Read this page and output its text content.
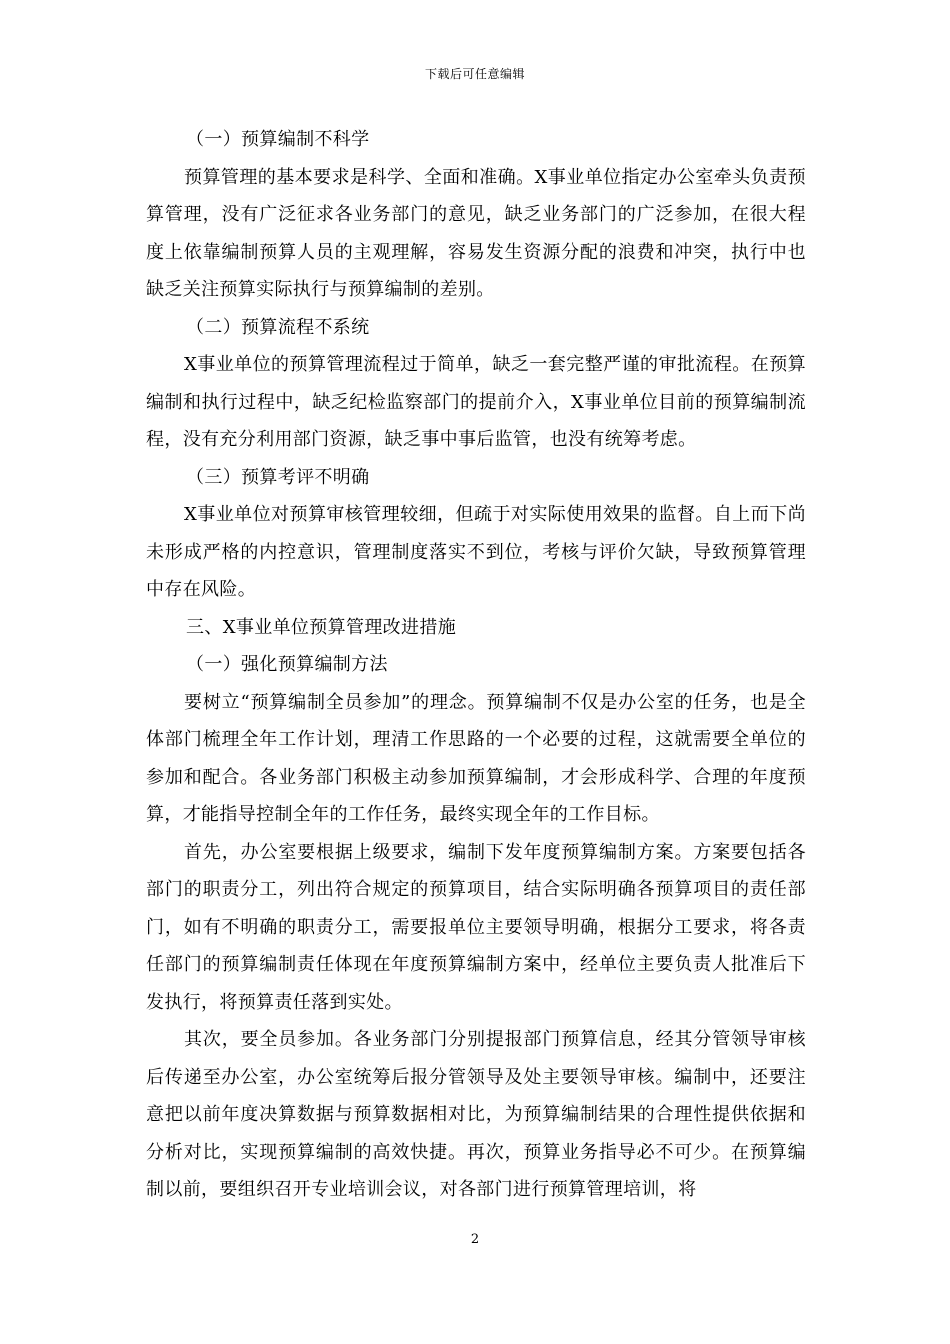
下载后可任意编辑

（一）预算编制不科学

预算管理的基本要求是科学、全面和准确。X事业单位指定办公室牵头负责预算管理，没有广泛征求各业务部门的意见，缺乏业务部门的广泛参加，在很大程度上依靠编制预算人员的主观理解，容易发生资源分配的浪费和冲突，执行中也缺乏关注预算实际执行与预算编制的差别。

（二）预算流程不系统

X事业单位的预算管理流程过于简单，缺乏一套完整严谨的审批流程。在预算编制和执行过程中，缺乏纪检监察部门的提前介入，X事业单位目前的预算编制流程，没有充分利用部门资源，缺乏事中事后监管，也没有统筹考虑。

（三）预算考评不明确

X事业单位对预算审核管理较细，但疏于对实际使用效果的监督。自上而下尚未形成严格的内控意识，管理制度落实不到位，考核与评价欠缺，导致预算管理中存在风险。

三、X事业单位预算管理改进措施

（一）强化预算编制方法

要树立“预算编制全员参加”的理念。预算编制不仅是办公室的任务，也是全体部门梳理全年工作计划，理清工作思路的一个必要的过程，这就需要全单位的参加和配合。各业务部门积极主动参加预算编制，才会形成科学、合理的年度预算，才能指导控制全年的工作任务，最终实现全年的工作目标。

首先，办公室要根据上级要求，编制下发年度预算编制方案。方案要包括各部门的职责分工，列出符合规定的预算项目，结合实际明确各预算项目的责任部门，如有不明确的职责分工，需要报单位主要领导明确，根据分工要求，将各责任部门的预算编制责任体现在年度预算编制方案中，经单位主要负责人批准后下发执行，将预算责任落到实处。

其次，要全员参加。各业务部门分别提报部门预算信息，经其分管领导审核后传递至办公室，办公室统筹后报分管领导及处主要领导审核。编制中，还要注意把以前年度决算数据与预算数据相对比，为预算编制结果的合理性提供依据和分析对比，实现预算编制的高效快捷。再次，预算业务指导必不可少。在预算编制以前，要组织召开专业培训会议，对各部门进行预算管理培训，将

2
